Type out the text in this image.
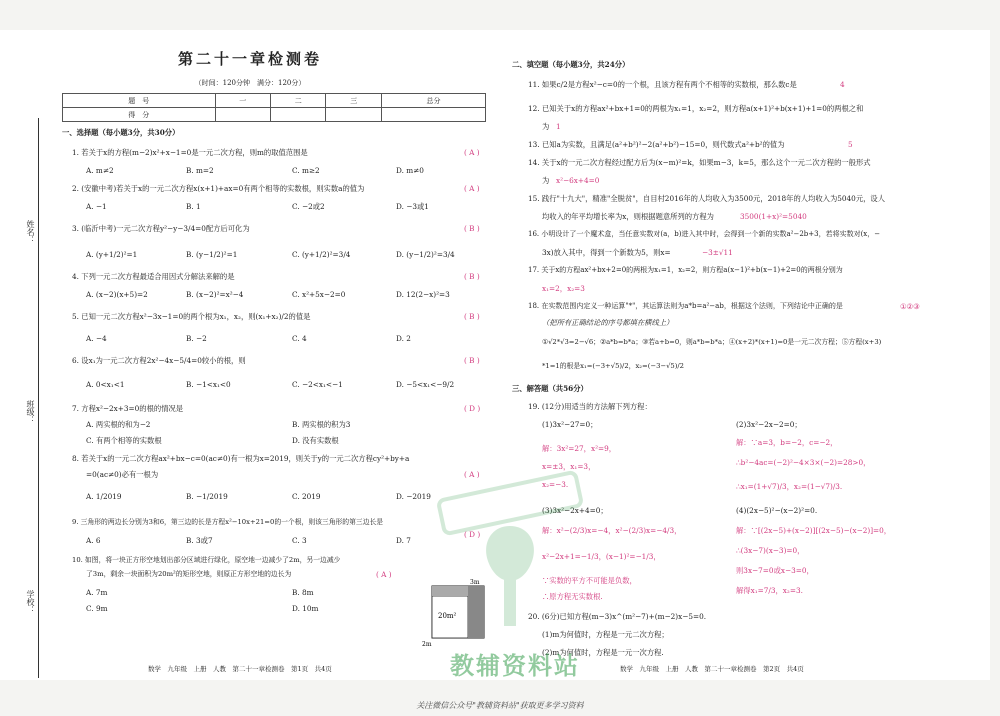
姓名：
班级：
学校：
第二十一章检测卷
（时间：120分钟　满分：120分）
题　号	一	二	三	总分
得　分				
一、选择题（每小题3分，共30分）
1. 若关于x的方程(m−2)x²+x−1=0是一元二次方程，则m的取值范围是	( A )
A. m≠2	B. m=2	C. m≥2	D. m≠0
2. (安徽中考)若关于x的一元二次方程x(x+1)+ax=0有两个相等的实数根，则实数a的值为	( A )
A. −1	B. 1	C. −2或2	D. −3或1
3. (临沂中考)一元二次方程y²−y−3/4=0配方后可化为	( B )
A. (y+1/2)²=1	B. (y−1/2)²=1	C. (y+1/2)²=3/4	D. (y−1/2)²=3/4
4. 下列一元二次方程最适合用因式分解法来解的是	( B )
A. (x−2)(x+5)=2	B. (x−2)²=x²−4	C. x²+5x−2=0	D. 12(2−x)²=3
5. 已知一元二次方程x²−3x−1=0的两个根为x₁，x₂，则(x₁+x₂)/2的值是	( B )
A. −4	B. −2	C. 4	D. 2
6. 设x₁为一元二次方程2x²−4x−5/4=0较小的根，则	( B )
A. 0<x₁<1	B. −1<x₁<0	C. −2<x₁<−1	D. −5<x₁<−9/2
7. 方程x²−2x+3=0的根的情况是	( D )
A. 两实根的和为−2	B. 两实根的积为3
C. 有两个相等的实数根	D. 没有实数根
8. 若关于x的一元二次方程ax²+bx−c=0(ac≠0)有一根为x=2019，则关于y的一元二次方程cy²+by+a
=0(ac≠0)必有一根为	( A )
A. 1/2019	B. −1/2019	C. 2019	D. −2019
9. 三角形的两边长分别为3和6，第三边的长是方程x²−10x+21=0的一个根，则该三角形的第三边长是
( D )
A. 6	B. 3或7	C. 3	D. 7
10. 如图，将一块正方形空地划出部分区域进行绿化，原空地一边减少了2m，另一边减少
了3m，剩余一块面积为20m²的矩形空地，则原正方形空地的边长为	( A )
A. 7m	B. 8m
C. 9m	D. 10m
3m
20m²
2m
数学　九年级　上册　人教　第二十一章检测卷　第1页　共4页
二、填空题（每小题3分，共24分）
11. 如果c/2是方程x²−c=0的一个根，且该方程有两个不相等的实数根，那么数c是	4
12. 已知关于x的方程ax²+bx+1=0的两根为x₁=1，x₂=2，则方程a(x+1)²+b(x+1)+1=0的两根之和
为 1
13. 已知a为实数，且满足(a²+b²)²−2(a²+b²)−15=0，则代数式a²+b²的值为	5
14. 关于x的一元二次方程经过配方后为(x−m)²=k，如果m−3，k=5，那么这个一元二次方程的一般形式
为 x²−6x+4=0
15. 践行"十九大"，精准"全脱贫"，自目村2016年的人均收入为3500元，2018年的人均收入为5040元，设人
均收入的年平均增长率为x，则根据题意所列的方程为	3500(1+x)²=5040
16. 小明设计了一个魔术盒，当任意实数对(a，b)进入其中时，会得到一个新的实数a²−2b+3，若将实数对(x，−
3x)放入其中，得到一个新数为5，则x=	−3±√11
17. 关于x的方程ax²+bx+2=0的两根为x₁=1，x₂=2，则方程a(x−1)²+b(x−1)+2=0的两根分别为
x₁=2，x₂=3
18. 在实数范围内定义一种运算"*"，其运算法则为a*b=a²−ab，根据这个法则，下列结论中正确的是	①②③
（把所有正确结论的序号都填在横线上）
①√2*√3=2−√6；②a*b=b*a；③若a+b=0，则a*b=b*a；④(x+2)*(x+1)=0是一元二次方程；⑤方程(x+3)
*1=1的根是x₁=(−3+√5)/2，x₂=(−3−√5)/2
三、解答题（共56分）
19. (12分)用适当的方法解下列方程：
(1)3x²−27=0；
解：3x²=27，x²=9，
x=±3，x₁=3，
x₂=−3.
(2)3x²−2x−2=0；
解：∵a=3，b=−2，c=−2，
∴b²−4ac=(−2)²−4×3×(−2)=28>0，
∴x₁=(1+√7)/3，x₂=(1−√7)/3.
(3)3x²−2x+4=0；
解：x²−(2/3)x=−4，x²−(2/3)x=−4/3，
x²−2x+1=−1/3，(x−1)²=−1/3，
∵实数的平方不可能是负数，
∴原方程无实数根.
(4)(2x−5)²−(x−2)²=0.
解：∵[(2x−5)+(x−2)][(2x−5)−(x−2)]=0，
∴(3x−7)(x−3)=0，
则3x−7=0或x−3=0，
解得x₁=7/3，x₂=3.
20. (6分)已知方程(m−3)x^(m²−7)+(m−2)x−5=0.
(1)m为何值时，方程是一元二次方程；
(2)m为何值时，方程是一元一次方程.
数学　九年级　上册　人教　第二十一章检测卷　第2页　共4页
教辅资料站
关注微信公众号"教辅资料站"获取更多学习资料
